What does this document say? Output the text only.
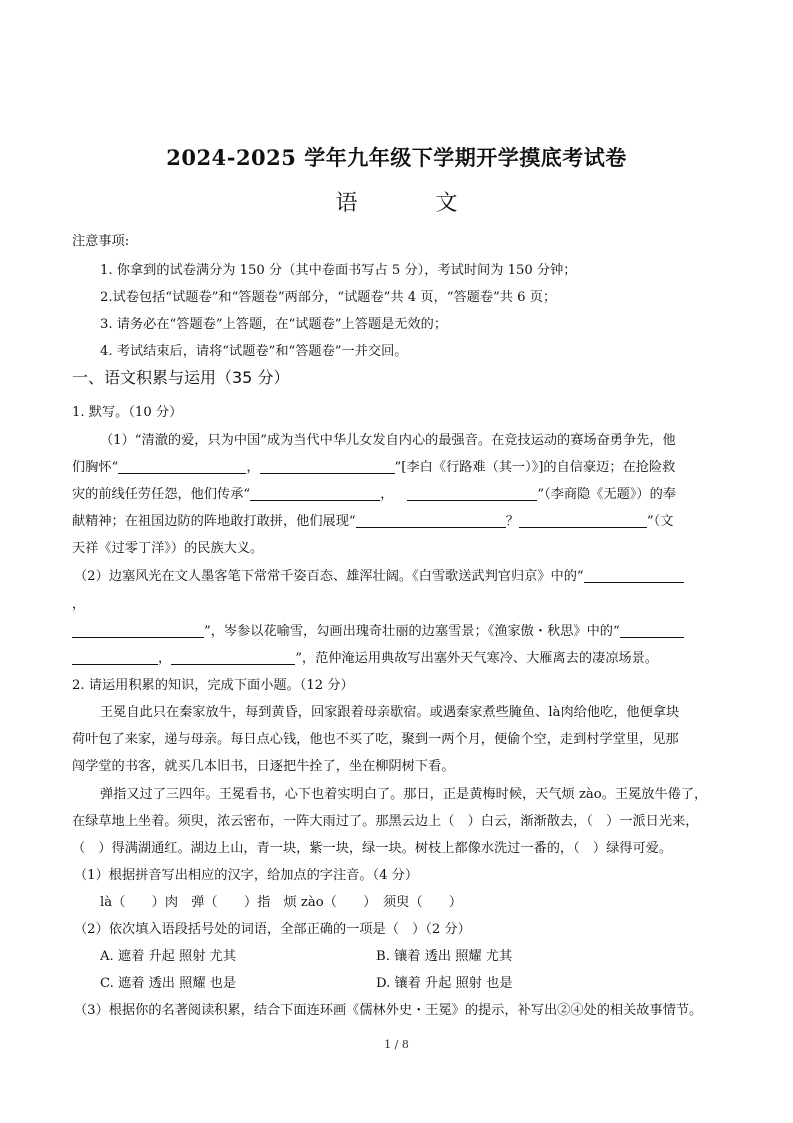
2024-2025 学年九年级下学期开学摸底考试卷
语　文
注意事项:
1. 你拿到的试卷满分为 150 分（其中卷面书写占 5 分），考试时间为 150 分钟；
2.试卷包括“试题卷”和“答题卷”两部分，“试题卷”共 4 页，“答题卷”共 6 页；
3. 请务必在“答题卷”上答题，在“试题卷”上答题是无效的；
4. 考试结束后，请将“试题卷”和“答题卷”一并交回。
一、语文积累与运用（35 分）
1. 默写。（10 分）
（1）“清澈的爱，只为中国”成为当代中华儿女发自内心的最强音。在竞技运动的赛场奋勇争先，他
们胸怀“	，	”[李白《行路难（其一）》]的自信豪迈；在抢险救
灾的前线任劳任怨，他们传承“	，	”（李商隐《无题》）的奉
献精神；在祖国边防的阵地敢打敢拼，他们展现“	？	”（文
天祥《过零丁洋》）的民族大义。
（2）边塞风光在文人墨客笔下常常千姿百态、雄浑壮阔。《白雪歌送武判官归京》中的“
，
”，岑参以花喻雪，勾画出瑰奇壮丽的边塞雪景；《渔家傲・秋思》中的“
，	”，范仲淹运用典故写出塞外天气寒冷、大雁离去的凄凉场景。
2. 请运用积累的知识，完成下面小题。（12 分）
王冕自此只在秦家放牛，每到黄昏，回家跟着母亲歇宿。或遇秦家煮些腌鱼、là肉给他吃，他便拿块
荷叶包了来家，递与母亲。每日点心钱，他也不买了吃，聚到一两个月，便偷个空，走到村学堂里，见那
闯学堂的书客，就买几本旧书，日逐把牛拴了，坐在柳阴树下看。
弹指又过了三四年。王冕看书，心下也着实明白了。那日，正是黄梅时候，天气烦 zào。王冕放牛倦了，
在绿草地上坐着。须臾，浓云密布，一阵大雨过了。那黑云边上（　）白云，渐渐散去，（　）一派日光来，
（　）得满湖通红。湖边上山，青一块，紫一块，绿一块。树枝上都像水洗过一番的，（　）绿得可爱。
（1）根据拼音写出相应的汉字，给加点的字注音。（4 分）
là（　　）肉　弹（　　）指　烦 zào（　　）　须臾（　　）
（2）依次填入语段括号处的词语，全部正确的一项是（　）（2 分）
A. 遮着 升起 照射 尤其	B. 镶着 透出 照耀 尤其
C. 遮着 透出 照耀 也是	D. 镶着 升起 照射 也是
（3）根据你的名著阅读积累，结合下面连环画《儒林外史・王冕》的提示，补写出②④处的相关故事情节。
1 / 8
